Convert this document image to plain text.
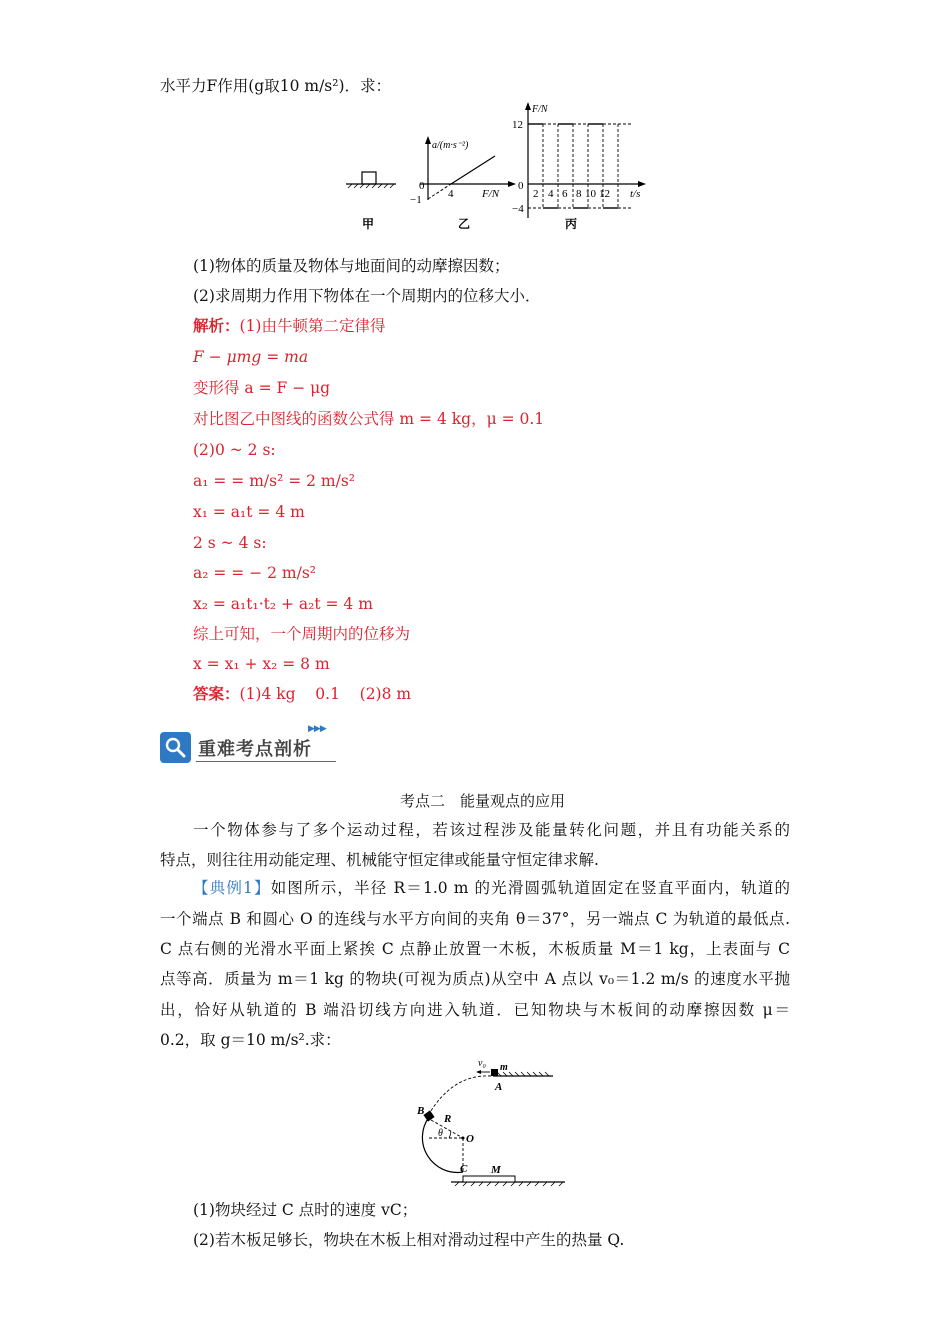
水平力F作用(g取10 m/s²)．求：
a/(m·s⁻²)
F/N
0
−1 4
F/N
t/s
12
0
−4
2 4 6 8 10 12
甲	乙	丙
(1)物体的质量及物体与地面间的动摩擦因数；
(2)求周期力作用下物体在一个周期内的位移大小．
解析：(1)由牛顿第二定律得
F − μmg = ma
变形得 a = F − μg
对比图乙中图线的函数公式得 m = 4 kg，μ = 0.1
(2)0 ~ 2 s:
a₁ = = m/s² = 2 m/s²
x₁ = a₁t = 4 m
2 s ~ 4 s:
a₂ = = − 2 m/s²
x₂ = a₁t₁·t₂ + a₂t = 4 m
综上可知，一个周期内的位移为
x = x₁ + x₂ = 8 m
答案：(1)4 kg    0.1    (2)8 m
▶▶▶
重难考点剖析
考点二　能量观点的应用
一个物体参与了多个运动过程，若该过程涉及能量转化问题，并且有功能关系的
特点，则往往用动能定理、机械能守恒定律或能量守恒定律求解.
【典例1】如图所示，半径 R＝1.0 m 的光滑圆弧轨道固定在竖直平面内，轨道的
一个端点 B 和圆心 O 的连线与水平方向间的夹角 θ＝37°，另一端点 C 为轨道的最低点.
C 点右侧的光滑水平面上紧挨 C 点静止放置一木板，木板质量 M＝1 kg，上表面与 C
点等高．质量为 m＝1 kg 的物块(可视为质点)从空中 A 点以 v₀＝1.2 m/s 的速度水平抛
出，恰好从轨道的 B 端沿切线方向进入轨道．已知物块与木板间的动摩擦因数 μ＝
0.2，取 g＝10 m/s².求：
v₀ m
A
B
R
θ O
C M
(1)物块经过 C 点时的速度 vC；
(2)若木板足够长，物块在木板上相对滑动过程中产生的热量 Q.
